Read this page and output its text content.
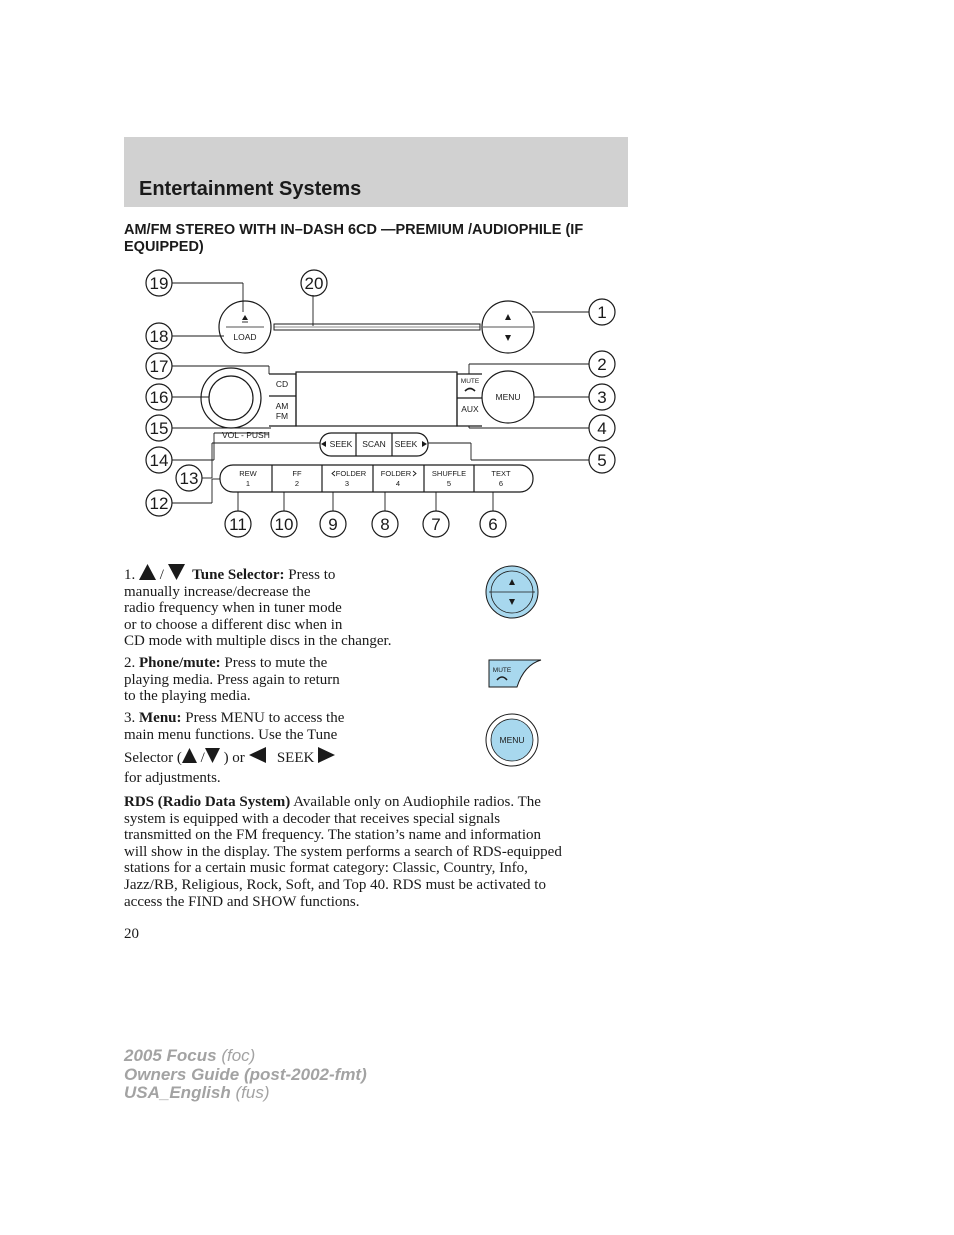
Entertainment Systems
AM/FM STEREO WITH IN–DASH 6CD —PREMIUM /AUDIOPHILE (IF EQUIPPED)
LOAD
VOL - PUSH
CD
AM
FM
MUTE
AUX
MENU
SEEK SCAN SEEK
REW
1
FF
2
FOLDER
3
FOLDER
4
SHUFFLE
5
TEXT
6
1
2
3
4
5
6
7
8
9
10
11
12
13
14
15
16
17
18
19	20
1. / Tune Selector: Press to
manually increase/decrease the
radio frequency when in tuner mode
or to choose a different disc when in
CD mode with multiple discs in the changer.
2. Phone/mute: Press to mute the
playing media. Press again to return
to the playing media.
3. Menu: Press MENU to access the
main menu functions. Use the Tune
Selector ( / ) or SEEK
for adjustments.
RDS (Radio Data System) Available only on Audiophile radios. The
system is equipped with a decoder that receives special signals
transmitted on the FM frequency. The station’s name and information
will show in the display. The system performs a search of RDS-equipped
stations for a certain music format category: Classic, Country, Info,
Jazz/RB, Religious, Rock, Soft, and Top 40. RDS must be activated to
access the FIND and SHOW functions.
MUTE
MENU
20
2005 Focus (foc)
Owners Guide (post-2002-fmt)
USA_English (fus)
